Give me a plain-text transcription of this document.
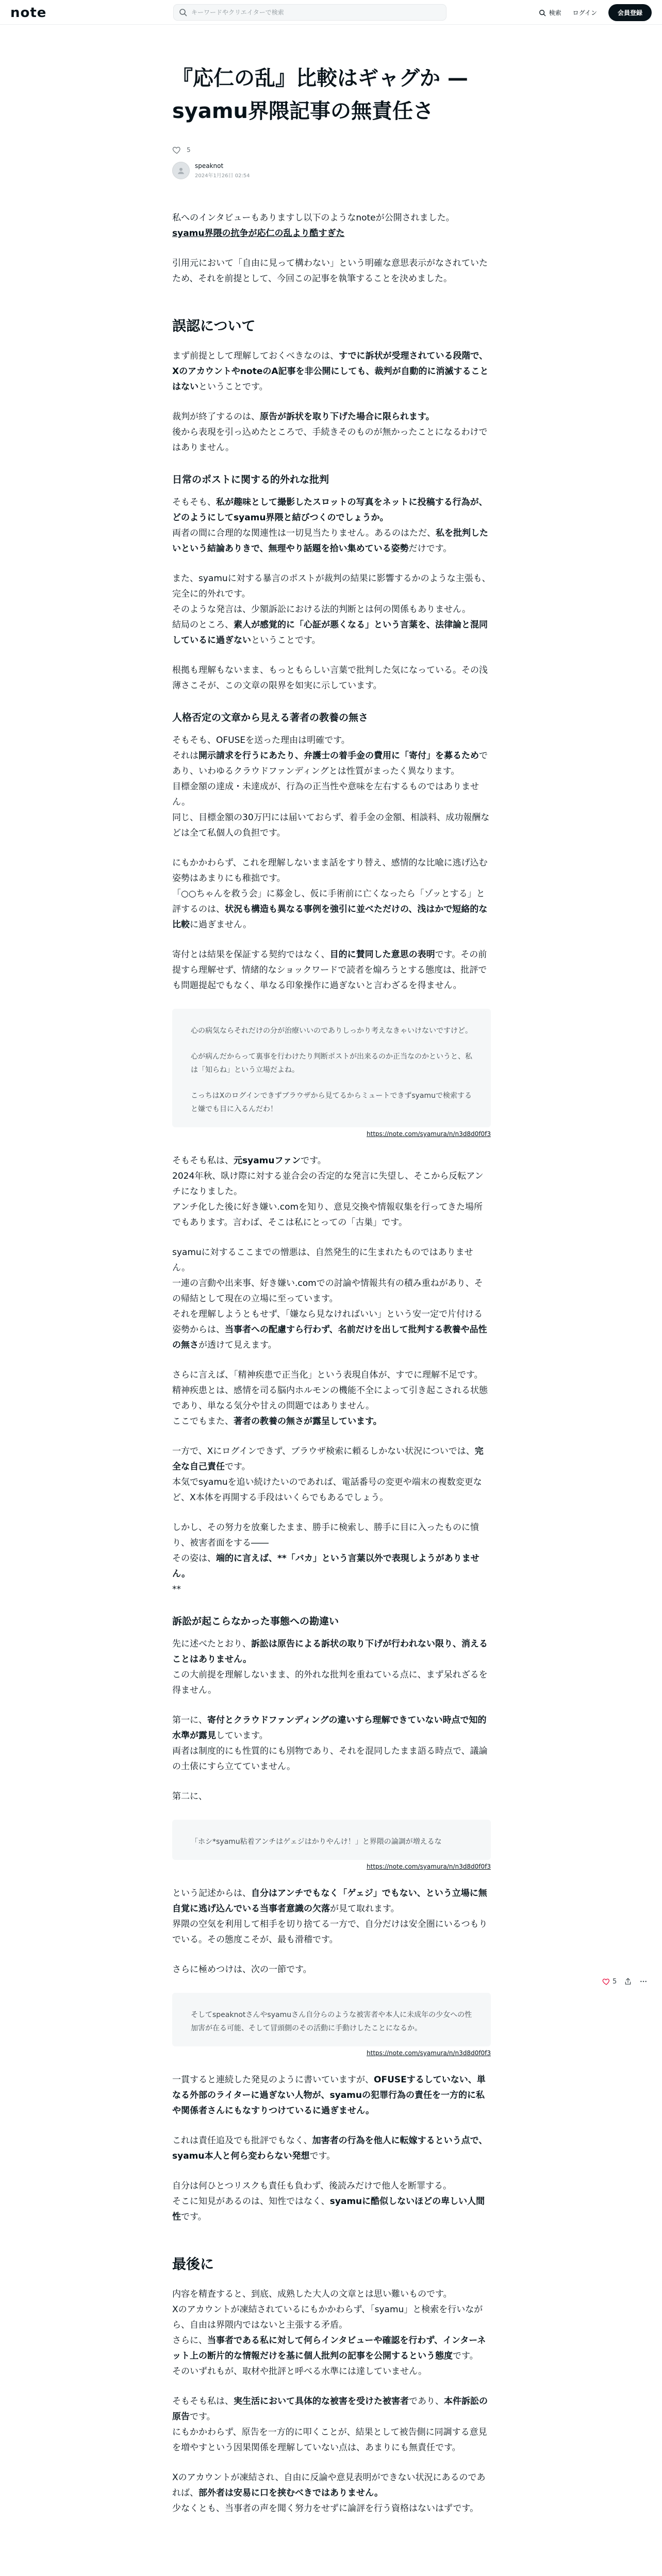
note
キーワードやクリエイターで検索	検索 ログイン	会員登録
『応仁の乱』比較はギャグか — syamu界隈記事の無責任さ
5
speaknot
2024年1月26日 02:54

私へのインタビューもありますし以下のようなnoteが公開されました。

syamu界隈の抗争が応仁の乱より酷すぎた

引用元において「自由に見って構わない」という明確な意思表示がなされていたため、それを前提として、今回この記事を執筆することを決めました。

誤認について

まず前提として理解しておくべきなのは、すでに訴状が受理されている段階で、XのアカウントやnoteのA記事を非公開にしても、裁判が自動的に消滅することはないということです。

裁判が終了するのは、原告が訴状を取り下げた場合に限られます。
後から表現を引っ込めたところで、手続きそのものが無かったことになるわけではありません。

日常のポストに関する的外れな批判

そもそも、私が趣味として撮影したスロットの写真をネットに投稿する行為が、どのようにしてsyamu界隈と結びつくのでしょうか。
両者の間に合理的な関連性は一切見当たりません。あるのはただ、私を批判したいという結論ありきで、無理やり話題を拾い集めている姿勢だけです。

また、syamuに対する暴言のポストが裁判の結果に影響するかのような主張も、完全に的外れです。
そのような発言は、少額訴訟における法的判断とは何の関係もありません。
結局のところ、素人が感覚的に「心証が悪くなる」という言葉を、法律論と混同しているに過ぎないということです。

根拠も理解もないまま、もっともらしい言葉で批判した気になっている。その浅薄さこそが、この文章の限界を如実に示しています。

人格否定の文章から見える著者の教養の無さ

そもそも、OFUSEを送った理由は明確です。
それは開示請求を行うにあたり、弁護士の着手金の費用に「寄付」を募るためであり、いわゆるクラウドファンディングとは性質がまったく異なります。
目標金額の達成・未達成が、行為の正当性や意味を左右するものではありません。
同じ、目標金額の30万円には届いておらず、着手金の金額、相談料、成功報酬などは全て私個人の負担です。

にもかかわらず、これを理解しないまま話をすり替え、感情的な比喩に逃げ込む姿勢はあまりにも稚拙です。
「○○ちゃんを救う会」に募金し、仮に手術前に亡くなったら「ゾッとする」と評するのは、状況も構造も異なる事例を強引に並べただけの、浅はかで短絡的な比較に過ぎません。

寄付とは結果を保証する契約ではなく、目的に賛同した意思の表明です。その前提すら理解せず、情緒的なショックワードで読者を煽ろうとする態度は、批評でも問題提起でもなく、単なる印象操作に過ぎないと言わざるを得ません。

心の病気ならそれだけの分が治療いいのでありしっかり考えなきゃいけないですけど。

心が病んだからって裏事を行わけたり判断ポストが出来るのか正当なのかというと、私は「知らね」という立場だよね。

こっちはXのログインできずブラウザから見てるからミュートできずsyamuで検索すると嫌でも目に入るんだわ！

https://note.com/syamura/n/n3d8d0f0f3

そもそも私は、元syamuファンです。
2024年秋、臥け際に対する並合会の否定的な発言に失望し、そこから反転アンチになりました。
アンチ化した後に好き嫌い.comを知り、意見交換や情報収集を行ってきた場所でもあります。言わば、そこは私にとっての「古巣」です。

syamuに対するここまでの憎悪は、自然発生的に生まれたものではありません。
一連の言動や出来事、好き嫌い.comでの討論や情報共有の積み重ねがあり、その帰結として現在の立場に至っています。
それを理解しようともせず、「嫌なら見なければいい」という安一定で片付ける姿勢からは、当事者への配慮すら行わず、名前だけを出して批判する教養や品性の無さが透けて見えます。

さらに言えば、「精神疾患で正当化」という表現自体が、すでに理解不足です。
精神疾患とは、感情を司る脳内ホルモンの機能不全によって引き起こされる状態であり、単なる気分や甘えの問題ではありません。
ここでもまた、著者の教養の無さが露呈しています。

一方で、Xにログインできず、ブラウザ検索に頼るしかない状況についでは、完全な自己責任です。
本気でsyamuを追い続けたいのであれば、電話番号の変更や端末の複数変更など、X本体を再開する手段はいくらでもあるでしょう。

しかし、その努力を放棄したまま、勝手に検索し、勝手に目に入ったものに憤り、被害者面をする――
その姿は、端的に言えば、**「バカ」という言葉以外で表現しようがありません。
**

訴訟が起こらなかった事態への勘違い

先に述べたとおり、訴訟は原告による訴状の取り下げが行われない限り、消えることはありません。
この大前提を理解しないまま、的外れな批判を重ねている点に、まず呆れざるを得ません。

第一に、寄付とクラウドファンディングの違いすら理解できていない時点で知的水準が露見しています。
両者は制度的にも性質的にも別物であり、それを混同したまま語る時点で、議論の土俵にすら立てていません。

第二に、

「ホシ*syamu粘着アンチはゲェジはかりやんけ！」と界隈の論調が増えるな

https://note.com/syamura/n/n3d8d0f0f3

という記述からは、自分はアンチでもなく「ゲェジ」でもない、という立場に無自覚に逃げ込んでいる当事者意識の欠落が見て取れます。
界隈の空気を利用して相手を切り捨てる一方で、自分だけは安全圏にいるつもりでいる。その態度こそが、最も滑稽です。

さらに極めつけは、次の一節です。

そしてspeaknotさんやsyamuさん自分らのような被害者や本人に未成年の少女への性加害が在る可能、そして冒頭側のその活動に手動けしたことになるか。

https://note.com/syamura/n/n3d8d0f0f3

一貫すると連続した発見のように書いていますが、OFUSEするしていない、単なる外部のライターに過ぎない人物が、syamuの犯罪行為の責任を一方的に私や関係者さんにもなすりつけているに過ぎません。

これは責任追及でも批評でもなく、加害者の行為を他人に転嫁するという点で、syamu本人と何ら変わらない発想です。

自分は何ひとつリスクも責任も負わず、後読みだけで他人を断罪する。
そこに知見があるのは、知性ではなく、syamuに酷似しないほどの卑しい人間性です。

最後に

内容を精査すると、到底、成熟した大人の文章とは思い難いものです。
Xのアカウントが凍結されているにもかかわらず、「syamu」と検索を行いながら、自由は界隈内ではないと主張する矛盾。
さらに、当事者である私に対して何らインタビューや確認を行わず、インターネット上の断片的な情報だけを基に個人批判の記事を公開するという態度です。
そのいずれもが、取材や批評と呼べる水準には達していません。

そもそも私は、実生活において具体的な被害を受けた被害者であり、本件訴訟の原告です。
にもかかわらず、原告を一方的に叩くことが、結果として被告側に同調する意見を増やすという因果関係を理解していない点は、あまりにも無責任です。

Xのアカウントが凍結され、自由に反論や意見表明ができない状況にあるのであれば、部外者は安易に口を挟むべきではありません。
少なくとも、当事者の声を聞く努力をせずに論評を行う資格はないはずです。

5
